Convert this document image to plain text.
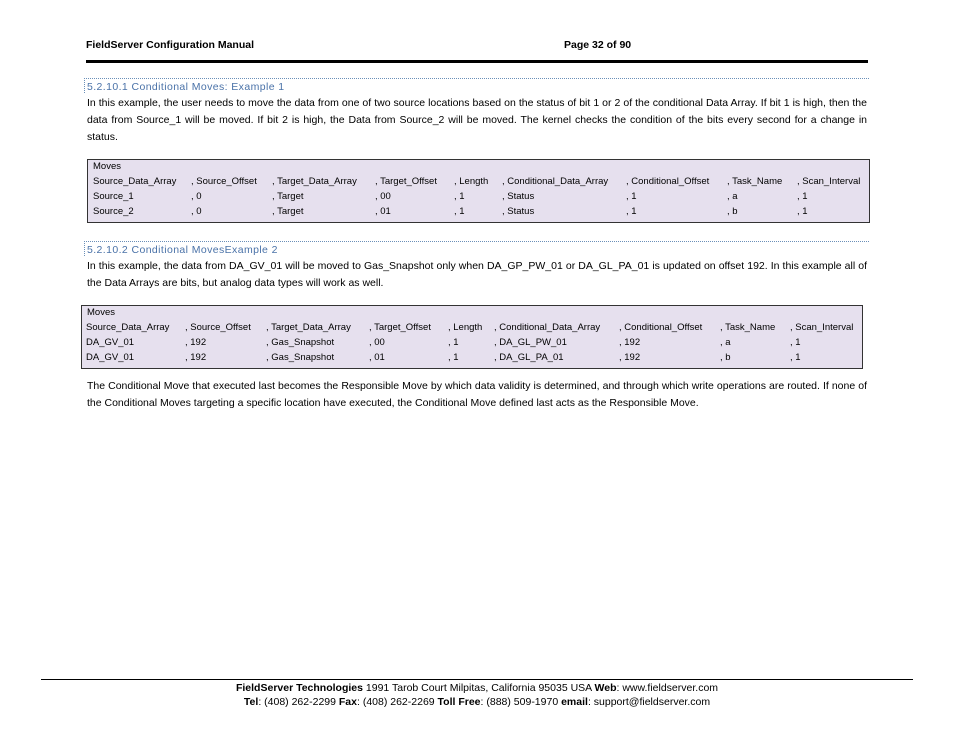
FieldServer Configuration Manual	Page 32 of 90
5.2.10.1 Conditional Moves: Example 1
In this example, the user needs to move the data from one of two source locations based on the status of bit 1 or 2 of the conditional Data Array. If bit 1 is high, then the data from Source_1 will be moved. If bit 2 is high, the Data from Source_2 will be moved. The kernel checks the condition of the bits every second for a change in status.
Moves
Source_Data_Array , Source_Offset , Target_Data_Array , Target_Offset , Length , Conditional_Data_Array , Conditional_Offset , Task_Name , Scan_Interval
Source_1	, 0	, Target	, 00	, 1	, Status	, 1	, a	, 1
Source_2	, 0	, Target	, 01	, 1	, Status	, 1	, b	, 1
5.2.10.2 Conditional MovesExample 2
In this example, the data from DA_GV_01 will be moved to Gas_Snapshot only when DA_GP_PW_01 or DA_GL_PA_01 is updated on offset 192. In this example all of the Data Arrays are bits, but analog data types will work as well.
Moves
Source_Data_Array , Source_Offset , Target_Data_Array , Target_Offset , Length , Conditional_Data_Array , Conditional_Offset , Task_Name , Scan_Interval
DA_GV_01	, 192	, Gas_Snapshot	, 00	, 1	, DA_GL_PW_01	, 192	, a	, 1
DA_GV_01	, 192	, Gas_Snapshot	, 01	, 1	, DA_GL_PA_01	, 192	, b	, 1
The Conditional Move that executed last becomes the Responsible Move by which data validity is determined, and through which write operations are routed. If none of the Conditional Moves targeting a specific location have executed, the Conditional Move defined last acts as the Responsible Move.
FieldServer Technologies 1991 Tarob Court Milpitas, California 95035 USA Web: www.fieldserver.com
Tel: (408) 262-2299 Fax: (408) 262-2269 Toll Free: (888) 509-1970 email: support@fieldserver.com
